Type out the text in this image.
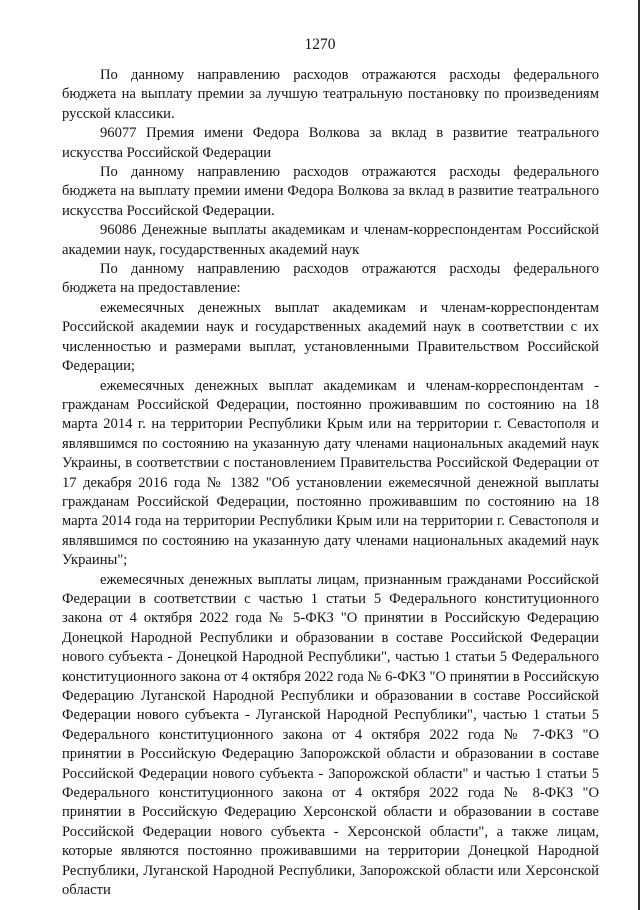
1270

По данному направлению расходов отражаются расходы федерального бюджета на выплату премии за лучшую театральную постановку по произведениям русской классики.

96077 Премия имени Федора Волкова за вклад в развитие театрального искусства Российской Федерации

По данному направлению расходов отражаются расходы федерального бюджета на выплату премии имени Федора Волкова за вклад в развитие театрального искусства Российской Федерации.

96086 Денежные выплаты академикам и членам-корреспондентам Российской академии наук, государственных академий наук

По данному направлению расходов отражаются расходы федерального бюджета на предоставление:

ежемесячных денежных выплат академикам и членам-корреспондентам Российской академии наук и государственных академий наук в соответствии с их численностью и размерами выплат, установленными Правительством Российской Федерации;

ежемесячных денежных выплат академикам и членам-корреспондентам - гражданам Российской Федерации, постоянно проживавшим по состоянию на 18 марта 2014 г. на территории Республики Крым или на территории г. Севастополя и являвшимся по состоянию на указанную дату членами национальных академий наук Украины, в соответствии с постановлением Правительства Российской Федерации от 17 декабря 2016 года № 1382 "Об установлении ежемесячной денежной выплаты гражданам Российской Федерации, постоянно проживавшим по состоянию на 18 марта 2014 года на территории Республики Крым или на территории г. Севастополя и являвшимся по состоянию на указанную дату членами национальных академий наук Украины";

ежемесячных денежных выплаты лицам, признанным гражданами Российской Федерации в соответствии с частью 1 статьи 5 Федерального конституционного закона от 4 октября 2022 года № 5-ФКЗ "О принятии в Российскую Федерацию Донецкой Народной Республики и образовании в составе Российской Федерации нового субъекта - Донецкой Народной Республики", частью 1 статьи 5 Федерального конституционного закона от 4 октября 2022 года № 6-ФКЗ "О принятии в Российскую Федерацию Луганской Народной Республики и образовании в составе Российской Федерации нового субъекта - Луганской Народной Республики", частью 1 статьи 5 Федерального конституционного закона от 4 октября 2022 года № 7-ФКЗ "О принятии в Российскую Федерацию Запорожской области и образовании в составе Российской Федерации нового субъекта - Запорожской области" и частью 1 статьи 5 Федерального конституционного закона от 4 октября 2022 года № 8-ФКЗ "О принятии в Российскую Федерацию Херсонской области и образовании в составе Российской Федерации нового субъекта - Херсонской области", а также лицам, которые являются постоянно проживавшими на территории Донецкой Народной Республики, Луганской Народной Республики, Запорожской области или Херсонской области
